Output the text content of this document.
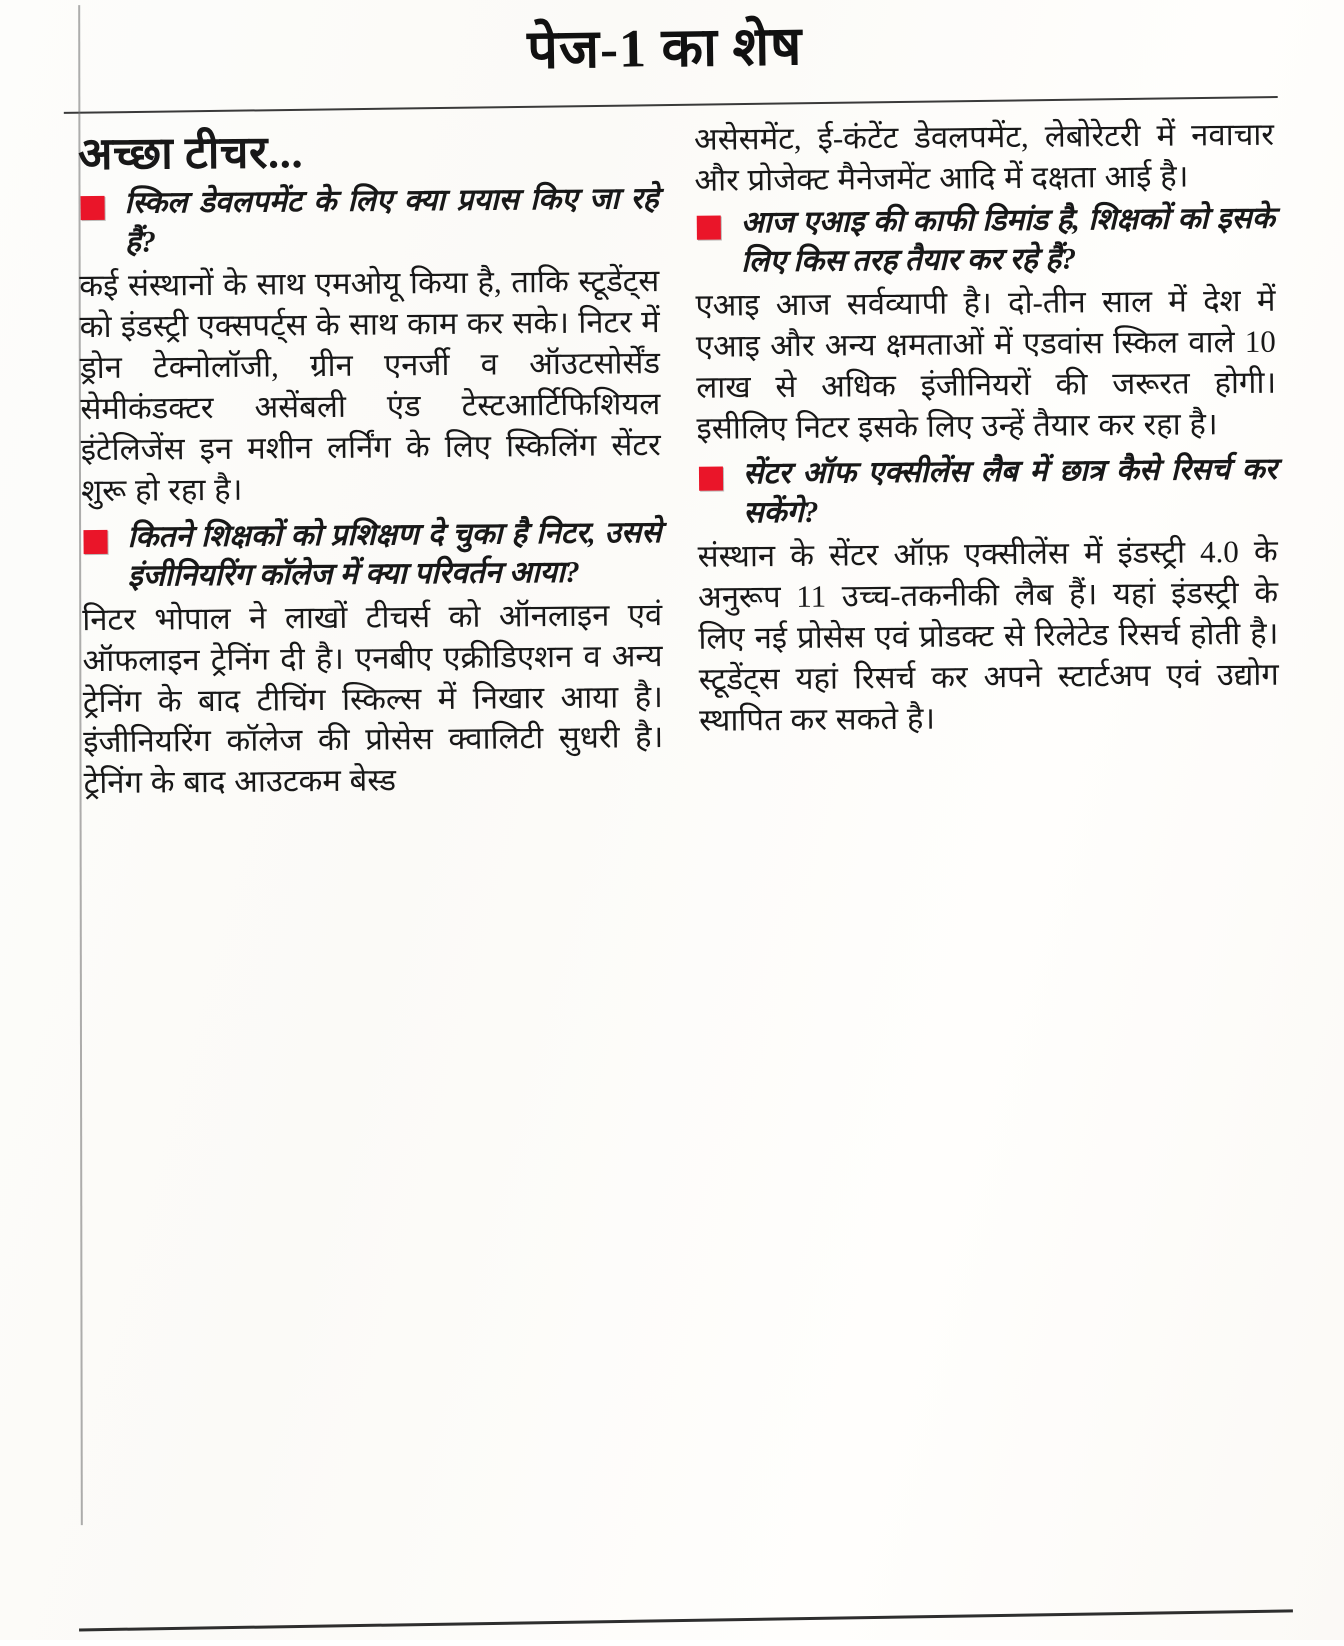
पेज-1 का शेष
अच्छा टीचर...
स्किल डेवलपमेंट के लिए क्या प्रयास किए जा रहे हैं?
कई संस्थानों के साथ एमओयू किया है, ताकि स्टूडेंट्स को इंडस्ट्री एक्सपर्ट्स के साथ काम कर सके। निटर में ड्रोन टेक्नोलॉजी, ग्रीन एनर्जी व ऑउटसोर्सेंड सेमीकंडक्टर असेंबली एंड टेस्टआर्टिफिशियल इंटेलिजेंस इन मशीन लर्निंग के लिए स्किलिंग सेंटर शुरू हो रहा है।
कितने शिक्षकों को प्रशिक्षण दे चुका है निटर, उससे इंजीनियरिंग कॉलेज में क्या परिवर्तन आया?
निटर भोपाल ने लाखों टीचर्स को ऑनलाइन एवं ऑफलाइन ट्रेनिंग दी है। एनबीए एक्रीडिएशन व अन्य ट्रेनिंग के बाद टीचिंग स्किल्स में निखार आया है। इंजीनियरिंग कॉलेज की प्रोसेस क्वालिटी सुधरी है। ट्रेनिंग के बाद आउटकम बेस्ड
असेसमेंट, ई-कंटेंट डेवलपमेंट, लेबोरेटरी में नवाचार और प्रोजेक्ट मैनेजमेंट आदि में दक्षता आई है।
आज एआइ की काफी डिमांड है, शिक्षकों को इसके लिए किस तरह तैयार कर रहे हैं?
एआइ आज सर्वव्यापी है। दो-तीन साल में देश में एआइ और अन्य क्षमताओं में एडवांस स्किल वाले 10 लाख से अधिक इंजीनियरों की जरूरत होगी। इसीलिए निटर इसके लिए उन्हें तैयार कर रहा है।
सेंटर ऑफ एक्सीलेंस लैब में छात्र कैसे रिसर्च कर सकेंगे?
संस्थान के सेंटर ऑफ़ एक्सीलेंस में इंडस्ट्री 4.0 के अनुरूप 11 उच्च-तकनीकी लैब हैं। यहां इंडस्ट्री के लिए नई प्रोसेस एवं प्रोडक्ट से रिलेटेड रिसर्च होती है। स्टूडेंट्स यहां रिसर्च कर अपने स्टार्टअप एवं उद्योग स्थापित कर सकते है।
